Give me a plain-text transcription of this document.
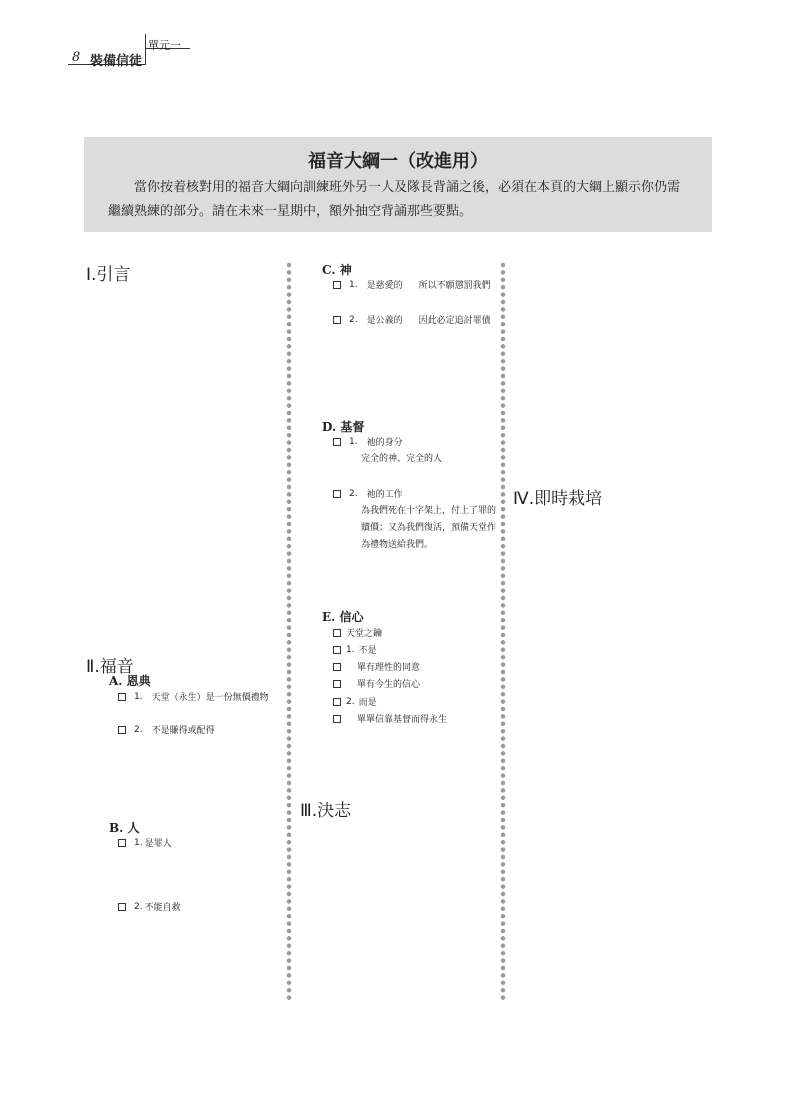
單元一
8 裝備信徒
福音大綱一（改進用）
當你按着核對用的福音大綱向訓練班外另一人及隊長背誦之後，必須在本頁的大綱上顯示你仍需繼續熟練的部分。請在未來一星期中，額外抽空背誦那些要點。
Ⅰ.引言
Ⅱ.福音
Ⅲ.決志
Ⅳ.即時栽培
A. 恩典
1. 天堂（永生）是一份無價禮物
2. 不是賺得或配得
B. 人
1. 是罪人
2. 不能自救
C. 神
1. 是慈愛的 所以不願懲罰我們
2. 是公義的 因此必定追討罪債
D. 基督
1. 祂的身分
完全的神、完全的人
2. 祂的工作
為我們死在十字架上，付上了罪的
贖價；又為我們復活，預備天堂作
為禮物送給我們。
E. 信心
天堂之鑰
1. 不是
單有理性的同意
單有今生的信心
2. 而是
單單信靠基督而得永生
